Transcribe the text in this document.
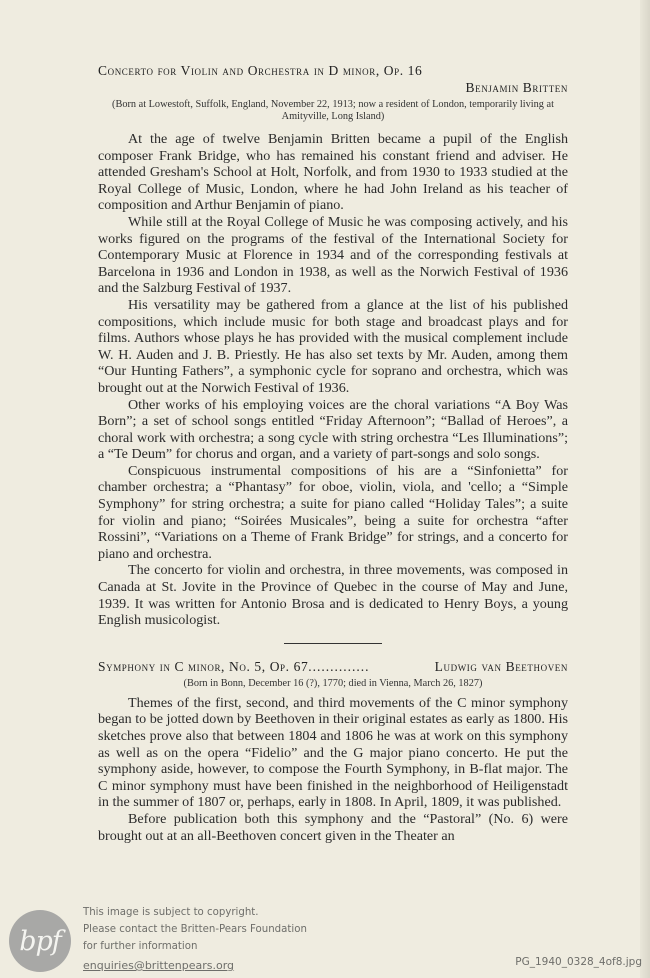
Concerto for Violin and Orchestra in D minor, Op. 16
Benjamin Britten
(Born at Lowestoft, Suffolk, England, November 22, 1913; now a resident of London, temporarily living at Amityville, Long Island)

At the age of twelve Benjamin Britten became a pupil of the English composer Frank Bridge, who has remained his constant friend and adviser. He attended Gresham's School at Holt, Norfolk, and from 1930 to 1933 studied at the Royal College of Music, London, where he had John Ireland as his teacher of composition and Arthur Benjamin of piano.

While still at the Royal College of Music he was composing actively, and his works figured on the programs of the festival of the International Society for Contemporary Music at Florence in 1934 and of the corresponding festivals at Barcelona in 1936 and London in 1938, as well as the Norwich Festival of 1936 and the Salzburg Festival of 1937.

His versatility may be gathered from a glance at the list of his published compositions, which include music for both stage and broadcast plays and for films. Authors whose plays he has provided with the musical complement include W. H. Auden and J. B. Priestly. He has also set texts by Mr. Auden, among them “Our Hunting Fathers”, a symphonic cycle for soprano and orchestra, which was brought out at the Norwich Festival of 1936.

Other works of his employing voices are the choral variations “A Boy Was Born”; a set of school songs entitled “Friday Afternoon”; “Ballad of Heroes”, a choral work with orchestra; a song cycle with string orchestra “Les Illuminations”; a “Te Deum” for chorus and organ, and a variety of part-songs and solo songs.

Conspicuous instrumental compositions of his are a “Sinfonietta” for chamber orchestra; a “Phantasy” for oboe, violin, viola, and 'cello; a “Simple Symphony” for string orchestra; a suite for piano called “Holiday Tales”; a suite for violin and piano; “Soirées Musicales”, being a suite for orchestra “after Rossini”, “Variations on a Theme of Frank Bridge” for strings, and a concerto for piano and orchestra.

The concerto for violin and orchestra, in three movements, was composed in Canada at St. Jovite in the Province of Quebec in the course of May and June, 1939. It was written for Antonio Brosa and is dedicated to Henry Boys, a young English musicologist.

Symphony in C minor, No. 5, Op. 67 ..............	Ludwig van Beethoven
(Born in Bonn, December 16 (?), 1770; died in Vienna, March 26, 1827)

Themes of the first, second, and third movements of the C minor symphony began to be jotted down by Beethoven in their original estates as early as 1800. His sketches prove also that between 1804 and 1806 he was at work on this symphony as well as on the opera “Fidelio” and the G major piano concerto. He put the symphony aside, however, to compose the Fourth Symphony, in B-flat major. The C minor symphony must have been finished in the neighborhood of Heiligenstadt in the summer of 1807 or, perhaps, early in 1808. In April, 1809, it was published.

Before publication both this symphony and the “Pastoral” (No. 6) were brought out at an all-Beethoven concert given in the Theater an

bpf
This image is subject to copyright.
Please contact the Britten-Pears Foundation
for further information
enquiries@brittenpears.org	PG_1940_0328_4of8.jpg
